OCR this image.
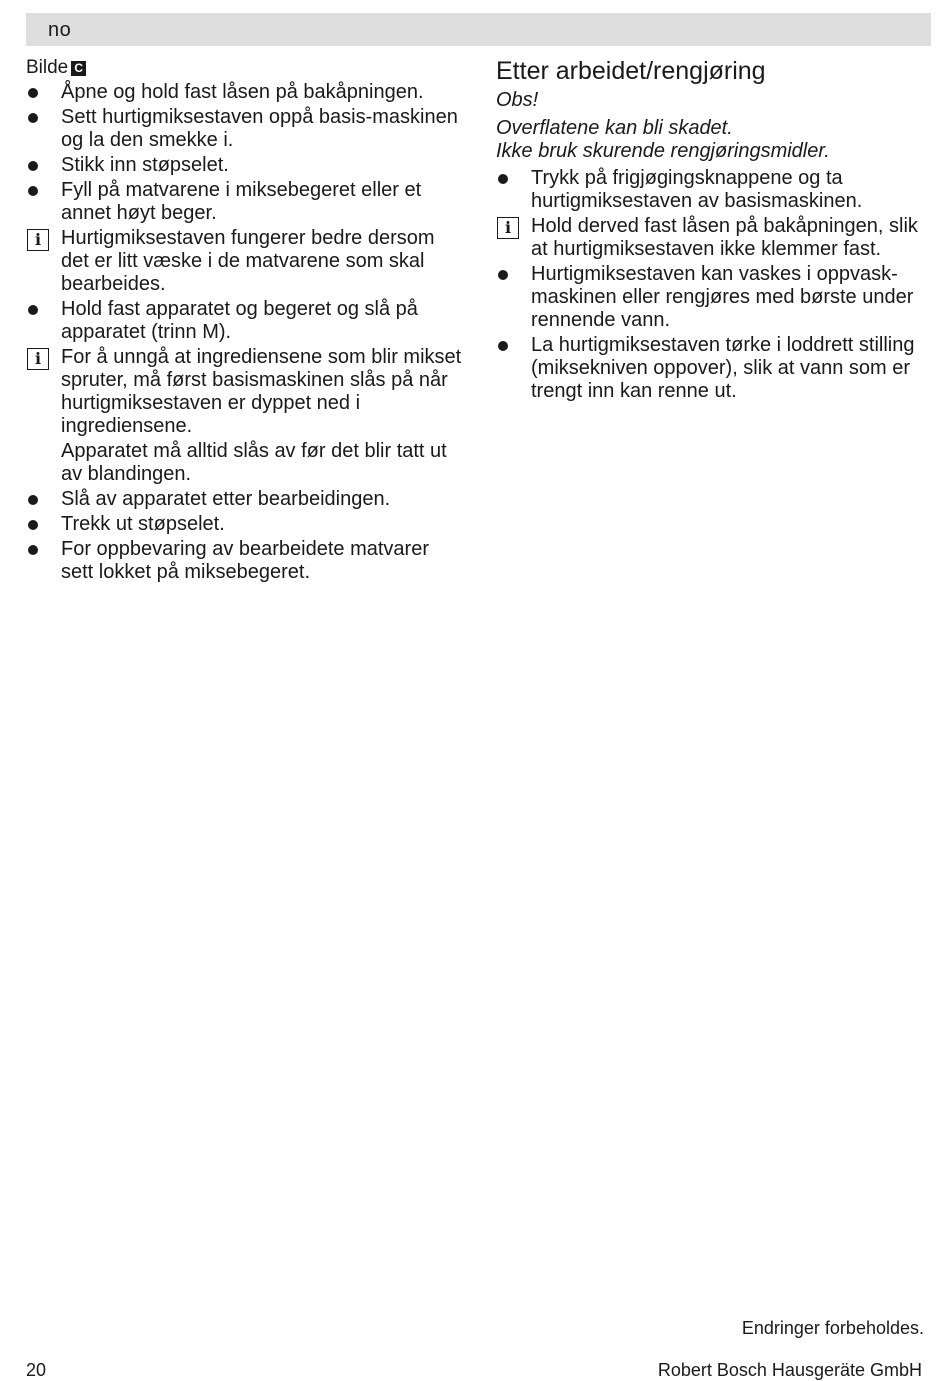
no
Bilde C
Åpne og hold fast låsen på bakåpningen.
Sett hurtigmiksestaven oppå basis-maskinen og la den smekke i.
Stikk inn støpselet.
Fyll på matvarene i miksebegeret eller et annet høyt beger.
i Hurtigmiksestaven fungerer bedre dersom det er litt væske i de matvarene som skal bearbeides.
Hold fast apparatet og begeret og slå på apparatet (trinn M).
i For å unngå at ingrediensene som blir mikset spruter, må først basismaskinen slås på når hurtigmiksestaven er dyppet ned i ingrediensene.
Apparatet må alltid slås av før det blir tatt ut av blandingen.
Slå av apparatet etter bearbeidingen.
Trekk ut støpselet.
For oppbevaring av bearbeidete matvarer sett lokket på miksebegeret.
Etter arbeidet/rengjøring
Obs!
Overflatene kan bli skadet.
Ikke bruk skurende rengjøringsmidler.
Trykk på frigjøgingsknappene og ta hurtigmiksestaven av basismaskinen.
i Hold derved fast låsen på bakåpningen, slik at hurtigmiksestaven ikke klemmer fast.
Hurtigmiksestaven kan vaskes i oppvask-maskinen eller rengjøres med børste under rennende vann.
La hurtigmiksestaven tørke i loddrett stilling (miksekniven oppover), slik at vann som er trengt inn kan renne ut.
Endringer forbeholdes.
20	Robert Bosch Hausgeräte GmbH
